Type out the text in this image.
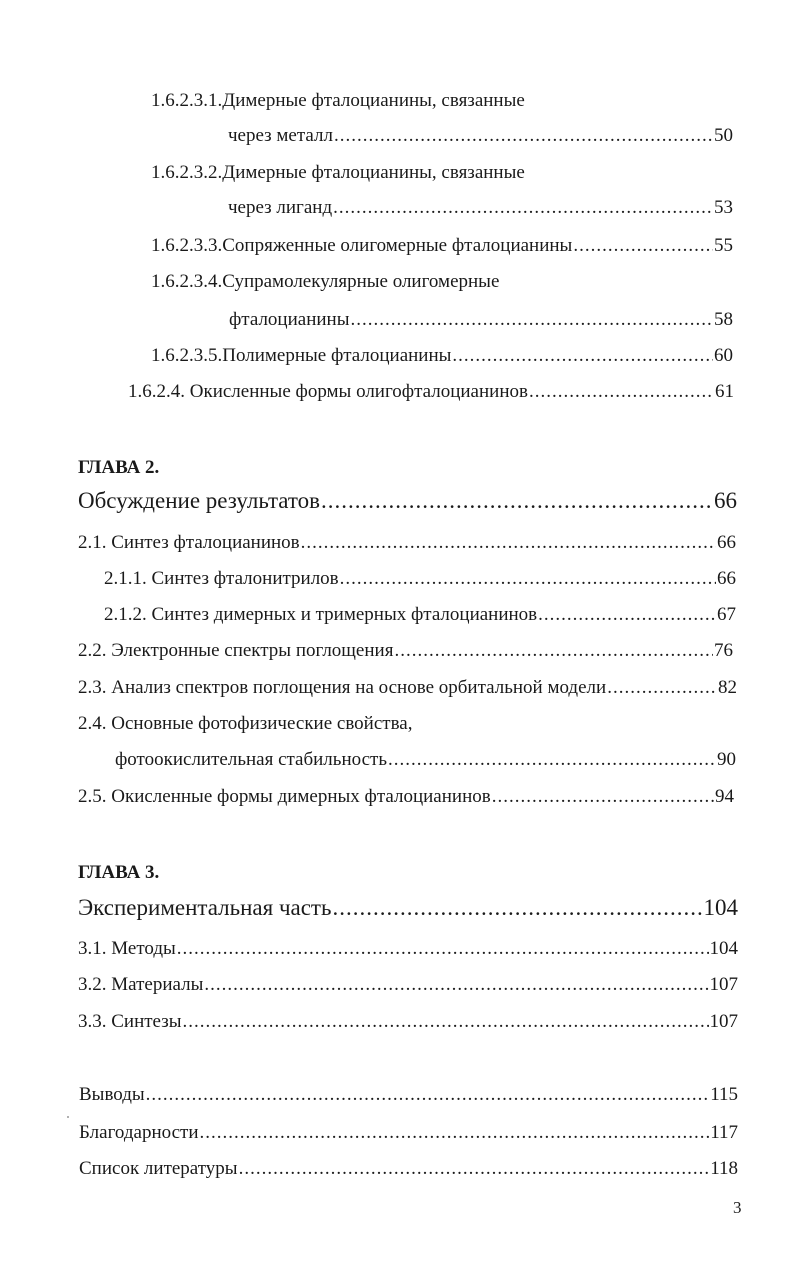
1.6.2.3.1.Димерные фталоцианины, связанные
через металл .....	50
1.6.2.3.2.Димерные фталоцианины, связанные
через лиганд .....	53
1.6.2.3.3.Сопряженные олигомерные фталоцианины .....	55
1.6.2.3.4.Супрамолекулярные олигомерные
фталоцианины .....	58
1.6.2.3.5.Полимерные фталоцианины .....	60
1.6.2.4. Окисленные формы олигофталоцианинов .....	61
ГЛАВА 2.
Обсуждение результатов .....	66
2.1. Синтез фталоцианинов .....	66
2.1.1. Синтез фталонитрилов .....	66
2.1.2. Синтез димерных и тримерных фталоцианинов .....	67
2.2. Электронные спектры поглощения .....	76
2.3. Анализ спектров поглощения на основе орбитальной модели .....	82
2.4. Основные фотофизические свойства,
фотоокислительная стабильность .....	90
2.5. Окисленные формы димерных фталоцианинов .....	94
ГЛАВА 3.
Экспериментальная часть .....	104
3.1. Методы .....	104
3.2. Материалы .....	107
3.3. Синтезы .....	107
Выводы .....	115
Благодарности .....	117
Список литературы .....	118
3
